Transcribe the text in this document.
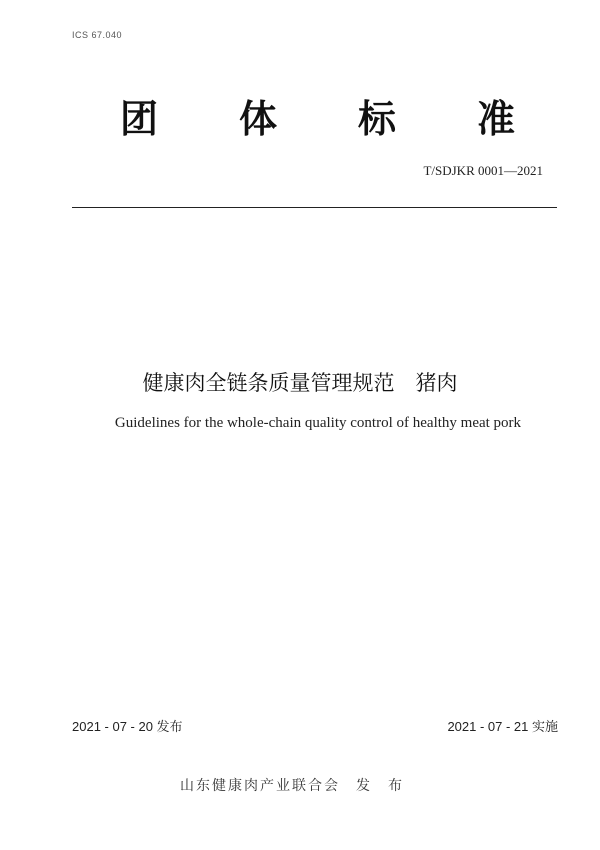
ICS 67.040
团 体 标 准
T/SDJKR 0001—2021
健康肉全链条质量管理规范　猪肉
Guidelines for the whole-chain quality control of healthy meat pork
2021 - 07 - 20 发布	2021 - 07 - 21 实施
山东健康肉产业联合会　发　布
